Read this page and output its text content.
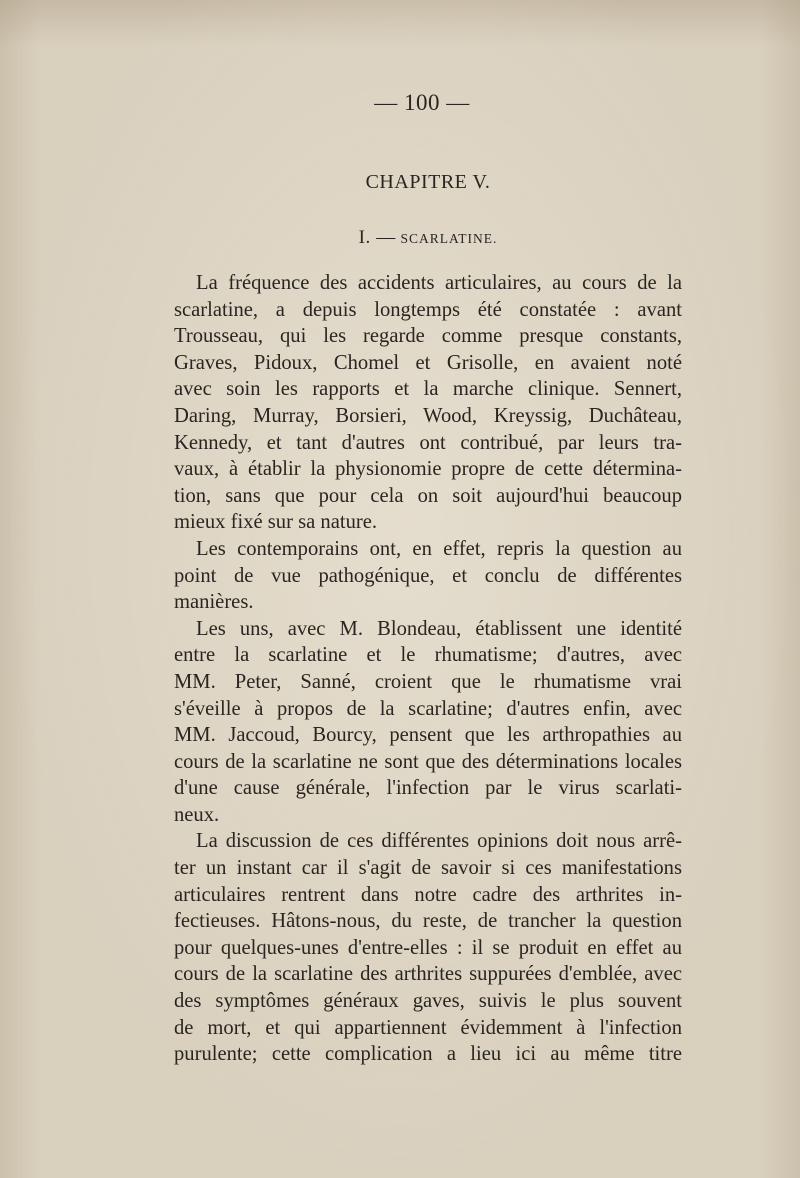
— 100 —
CHAPITRE V.
I. — SCARLATINE.
La fréquence des accidents articulaires, au cours de la
scarlatine, a depuis longtemps été constatée : avant
Trousseau, qui les regarde comme presque constants,
Graves, Pidoux, Chomel et Grisolle, en avaient noté
avec soin les rapports et la marche clinique. Sennert,
Daring, Murray, Borsieri, Wood, Kreyssig, Duchâteau,
Kennedy, et tant d'autres ont contribué, par leurs tra-
vaux, à établir la physionomie propre de cette détermina-
tion, sans que pour cela on soit aujourd'hui beaucoup
mieux fixé sur sa nature.
Les contemporains ont, en effet, repris la question au
point de vue pathogénique, et conclu de différentes
manières.
Les uns, avec M. Blondeau, établissent une identité
entre la scarlatine et le rhumatisme; d'autres, avec
MM. Peter, Sanné, croient que le rhumatisme vrai
s'éveille à propos de la scarlatine; d'autres enfin, avec
MM. Jaccoud, Bourcy, pensent que les arthropathies au
cours de la scarlatine ne sont que des déterminations locales
d'une cause générale, l'infection par le virus scarlati-
neux.
La discussion de ces différentes opinions doit nous arrê-
ter un instant car il s'agit de savoir si ces manifestations
articulaires rentrent dans notre cadre des arthrites in-
fectieuses. Hâtons-nous, du reste, de trancher la question
pour quelques-unes d'entre-elles : il se produit en effet au
cours de la scarlatine des arthrites suppurées d'emblée, avec
des symptômes généraux gaves, suivis le plus souvent
de mort, et qui appartiennent évidemment à l'infection
purulente; cette complication a lieu ici au même titre
